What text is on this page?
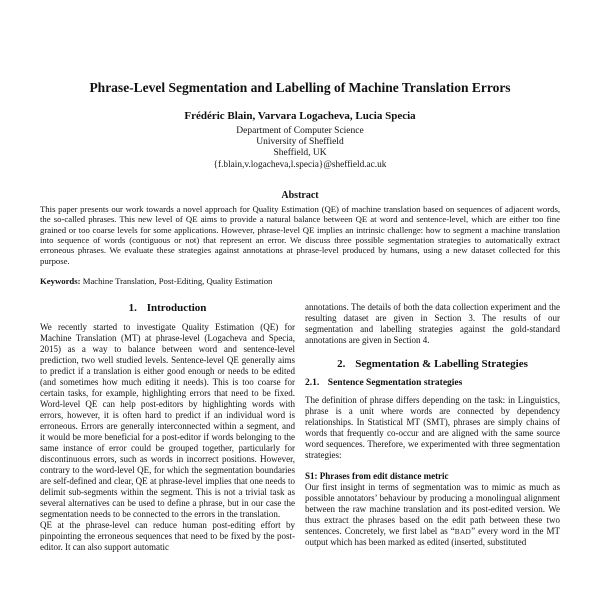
Phrase-Level Segmentation and Labelling of Machine Translation Errors

Frédéric Blain, Varvara Logacheva, Lucia Specia

Department of Computer Science

University of Sheffield

Sheffield, UK

{f.blain,v.logacheva,l.specia}@sheffield.ac.uk

Abstract

This paper presents our work towards a novel approach for Quality Estimation (QE) of machine translation based on sequences of adjacent words, the so-called phrases. This new level of QE aims to provide a natural balance between QE at word and sentence-level, which are either too fine grained or too coarse levels for some applications. However, phrase-level QE implies an intrinsic challenge: how to segment a machine translation into sequence of words (contiguous or not) that represent an error. We discuss three possible segmentation strategies to automatically extract erroneous phrases. We evaluate these strategies against annotations at phrase-level produced by humans, using a new dataset collected for this purpose.

Keywords: Machine Translation, Post-Editing, Quality Estimation

1. Introduction

We recently started to investigate Quality Estimation (QE) for Machine Translation (MT) at phrase-level (Logacheva and Specia, 2015) as a way to balance between word and sentence-level prediction, two well studied levels. Sentence-level QE generally aims to predict if a translation is either good enough or needs to be edited (and sometimes how much editing it needs). This is too coarse for certain tasks, for example, highlighting errors that need to be fixed. Word-level QE can help post-editors by highlighting words with errors, however, it is often hard to predict if an individual word is erroneous. Errors are generally interconnected within a segment, and it would be more beneficial for a post-editor if words belonging to the same instance of error could be grouped together, particularly for discontinuous errors, such as words in incorrect positions. However, contrary to the word-level QE, for which the segmentation boundaries are self-defined and clear, QE at phrase-level implies that one needs to delimit sub-segments within the segment. This is not a trivial task as several alternatives can be used to define a phrase, but in our case the segmentation needs to be connected to the errors in the translation.

QE at the phrase-level can reduce human post-editing effort by pinpointing the erroneous sequences that need to be fixed by the post-editor. It can also support automatic

annotations. The details of both the data collection experiment and the resulting dataset are given in Section 3. The results of our segmentation and labelling strategies against the gold-standard annotations are given in Section 4.

2. Segmentation & Labelling Strategies
2.1. Sentence Segmentation strategies

The definition of phrase differs depending on the task: in Linguistics, phrase is a unit where words are connected by dependency relationships. In Statistical MT (SMT), phrases are simply chains of words that frequently co-occur and are aligned with the same source word sequences. Therefore, we experimented with three segmentation strategies:

S1: Phrases from edit distance metric

Our first insight in terms of segmentation was to mimic as much as possible annotators’ behaviour by producing a monolingual alignment between the raw machine translation and its post-edited version. We thus extract the phrases based on the edit path between these two sentences. Concretely, we first label as “BAD” every word in the MT output which has been marked as edited (inserted, substituted
